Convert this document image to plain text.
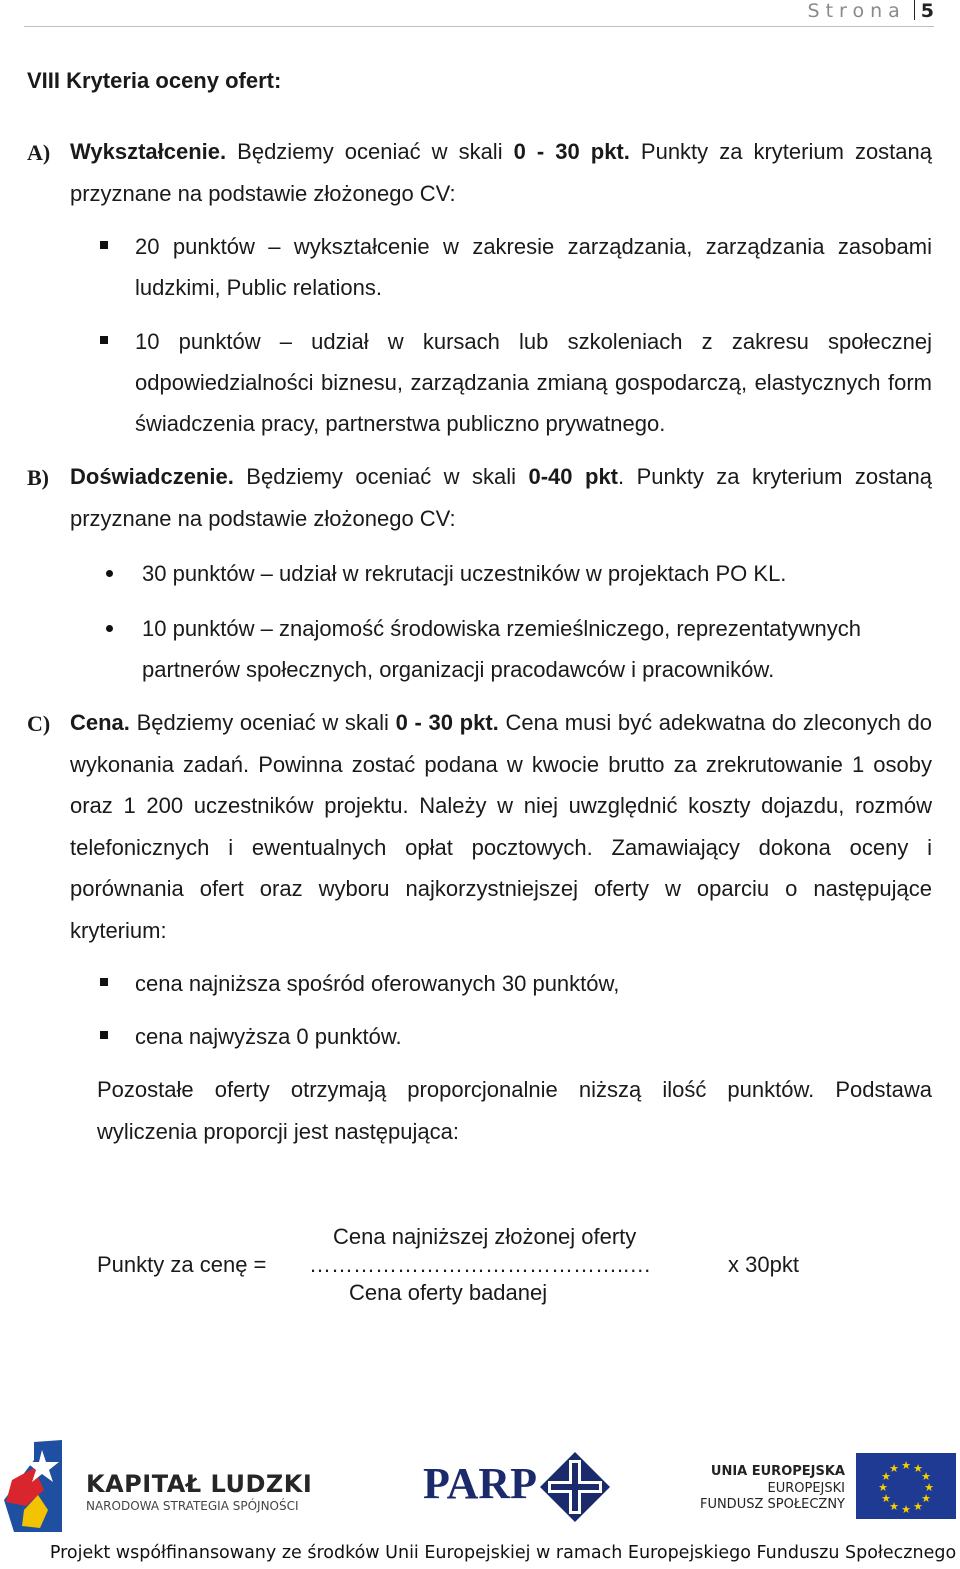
Strona 5
VIII Kryteria oceny ofert:
A) Wykształcenie. Będziemy oceniać w skali 0 - 30 pkt. Punkty za kryterium zostaną przyznane na podstawie złożonego CV:
20 punktów – wykształcenie w zakresie zarządzania, zarządzania zasobami ludzkimi, Public relations.
10 punktów – udział w kursach lub szkoleniach z zakresu społecznej odpowiedzialności biznesu, zarządzania zmianą gospodarczą, elastycznych form świadczenia pracy, partnerstwa publiczno prywatnego.
B) Doświadczenie. Będziemy oceniać w skali 0-40 pkt. Punkty za kryterium zostaną przyznane na podstawie złożonego CV:
30 punktów – udział w rekrutacji uczestników w projektach PO KL.
10 punktów – znajomość środowiska rzemieślniczego, reprezentatywnych partnerów społecznych, organizacji pracodawców i pracowników.
C) Cena. Będziemy oceniać w skali 0 - 30 pkt. Cena musi być adekwatna do zleconych do wykonania zadań. Powinna zostać podana w kwocie brutto za zrekrutowanie 1 osoby oraz 1 200 uczestników projektu. Należy w niej uwzględnić koszty dojazdu, rozmów telefonicznych i ewentualnych opłat pocztowych. Zamawiający dokona oceny i porównania ofert oraz wyboru najkorzystniejszej oferty w oparciu o następujące kryterium:
cena najniższa spośród oferowanych 30 punktów,
cena najwyższa 0 punktów.
Pozostałe oferty otrzymają proporcjonalnie niższą ilość punktów. Podstawa wyliczenia proporcji jest następująca:
Cena najniższej złożonej oferty
Punkty za cenę = ……………………………………..…	x 30pkt
Cena oferty badanej
KAPITAŁ LUDZKI
NARODOWA STRATEGIA SPÓJNOŚCI	PARP	UNIA EUROPEJSKA
EUROPEJSKI
FUNDUSZ SPOŁECZNY
★ ★
★
★
★
★
★
★
★
★
★
★
Projekt współfinansowany ze środków Unii Europejskiej w ramach Europejskiego Funduszu Społecznego
